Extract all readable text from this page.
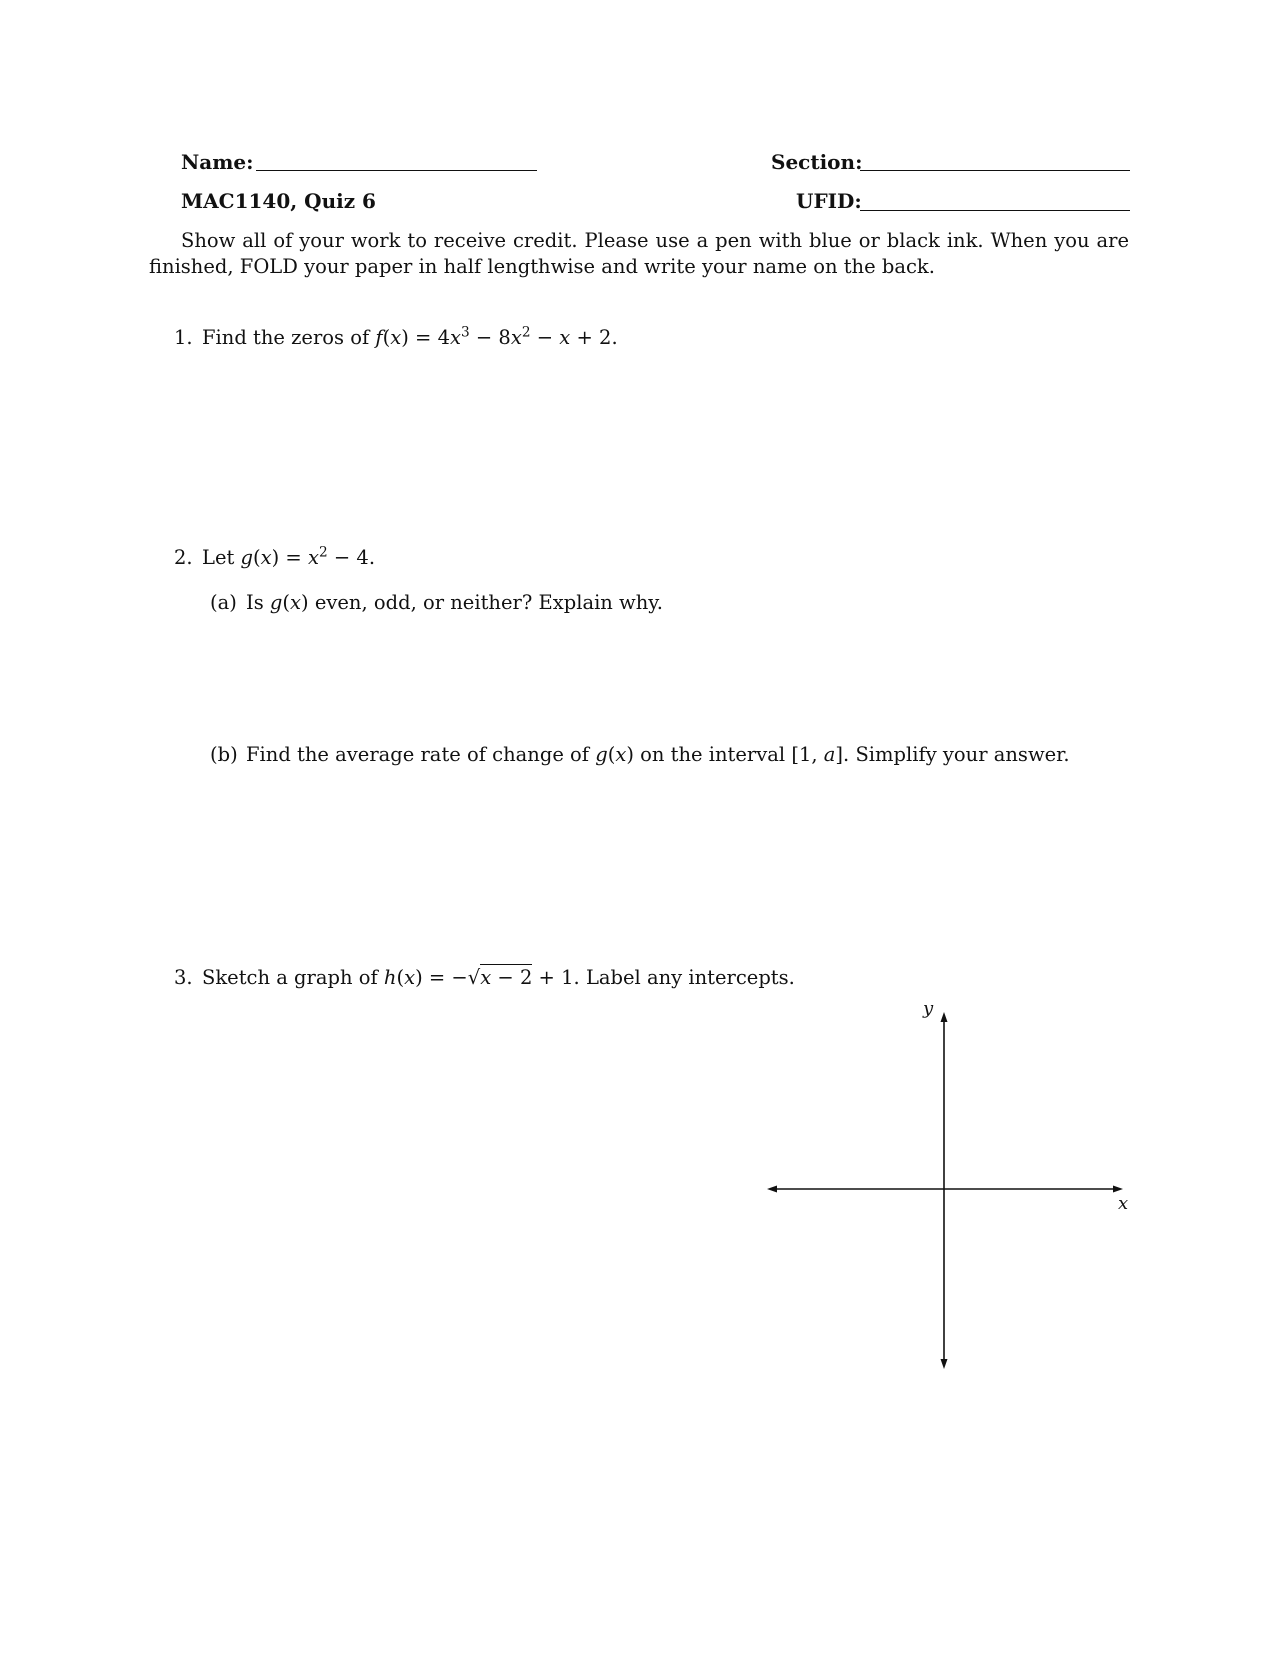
Name:	Section:
MAC1140, Quiz 6	UFID:
Show all of your work to receive credit. Please use a pen with blue or black ink. When you are finished, FOLD your paper in half lengthwise and write your name on the back.
1. Find the zeros of $f(x) = 4x^3 - 8x^2 - x + 2$.
2. Let $g(x) = x^2 - 4$.
(a) Is g(x) even, odd, or neither? Explain why.
(b) Find the average rate of change of g(x) on the interval [1, a]. Simplify your answer.
3. Sketch a graph of h(x) = −√x − 2 + 1. Label any intercepts.
y
x
